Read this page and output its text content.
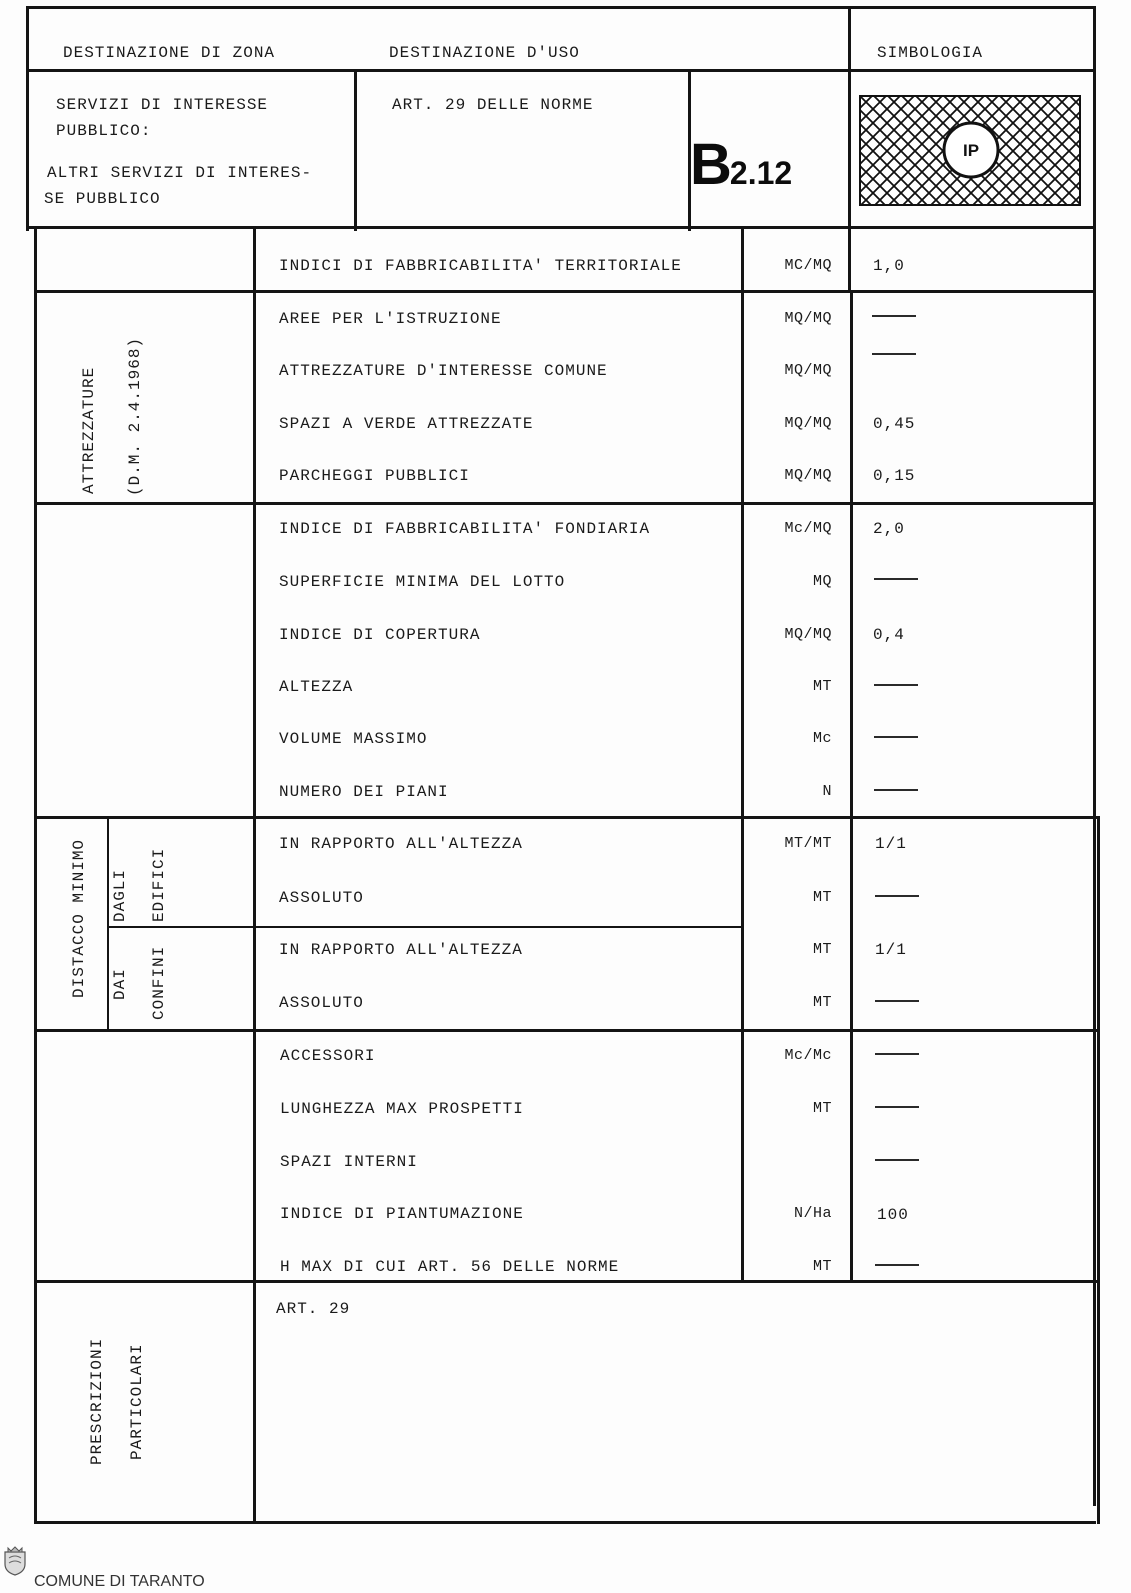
DESTINAZIONE DI ZONA	DESTINAZIONE D'USO	SIMBOLOGIA
SERVIZI DI INTERESSE
PUBBLICO:
ALTRI SERVIZI DI INTERES-
SE PUBBLICO
ART. 29 DELLE NORME
B2.12
IP
INDICI DI FABBRICABILITA' TERRITORIALE	MC/MQ	1,0
ATTREZZATURE (D.M. 2.4.1968)
AREE PER L'ISTRUZIONE	MQ/MQ
ATTREZZATURE D'INTERESSE COMUNE	MQ/MQ
SPAZI A VERDE ATTREZZATE	MQ/MQ	0,45
PARCHEGGI PUBBLICI	MQ/MQ	0,15
INDICE DI FABBRICABILITA' FONDIARIA	Mc/MQ	2,0
SUPERFICIE MINIMA DEL LOTTO	MQ
INDICE DI COPERTURA	MQ/MQ	0,4
ALTEZZA	MT
VOLUME MASSIMO	Mc
NUMERO DEI PIANI	N
DISTACCO MINIMO DAGLI EDIFICI
DAI CONFINI
IN RAPPORTO ALL'ALTEZZA	MT/MT	1/1
ASSOLUTO	MT
IN RAPPORTO ALL'ALTEZZA	MT	1/1
ASSOLUTO	MT
ACCESSORI	Mc/Mc
LUNGHEZZA MAX PROSPETTI	MT
SPAZI INTERNI
INDICE DI PIANTUMAZIONE	N/Ha	100
H MAX DI CUI ART. 56 DELLE NORME	MT
PRESCRIZIONI PARTICOLARI
ART. 29
COMUNE DI TARANTO
